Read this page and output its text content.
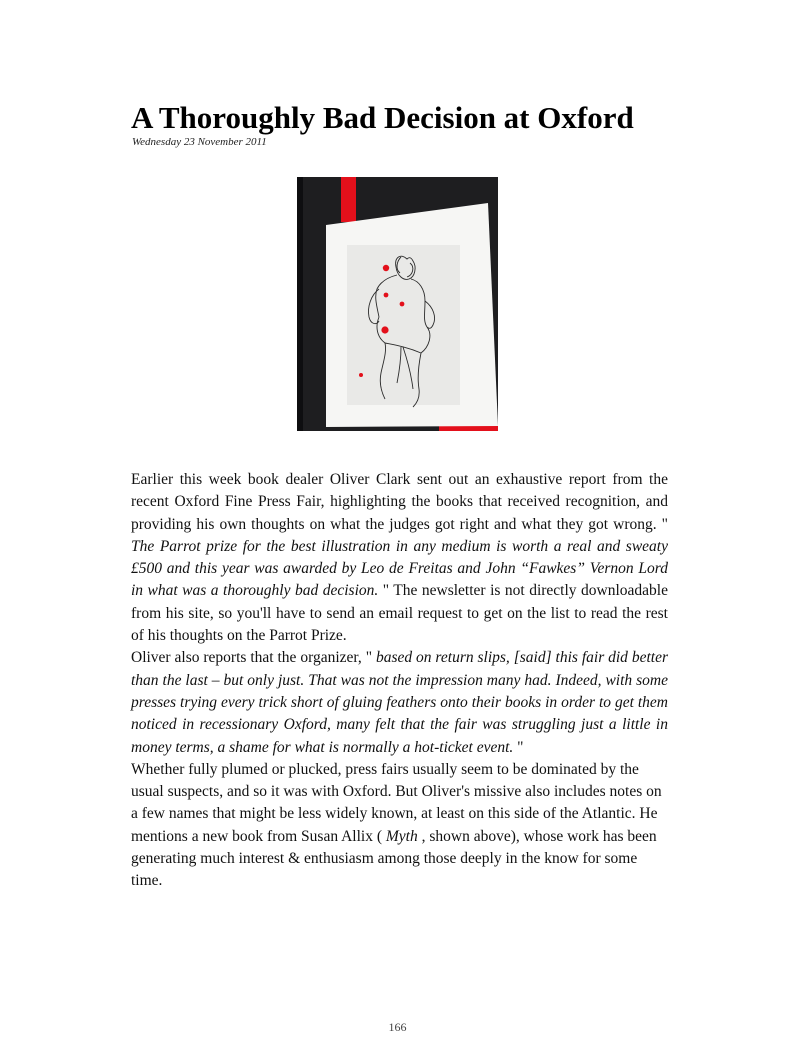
A Thoroughly Bad Decision at Oxford
Wednesday 23 November 2011

Earlier this week book dealer Oliver Clark sent out an exhaustive report from the recent Oxford Fine Press Fair, highlighting the books that received recognition, and providing his own thoughts on what the judges got right and what they got wrong. " The Parrot prize for the best illustration in any medium is worth a real and sweaty £500 and this year was awarded by Leo de Freitas and John “Fawkes” Vernon Lord in what was a thoroughly bad decision. " The newsletter is not directly downloadable from his site, so you'll have to send an email request to get on the list to read the rest of his thoughts on the Parrot Prize.

Oliver also reports that the organizer, " based on return slips, [said] this fair did better than the last – but only just. That was not the impression many had. Indeed, with some presses trying every trick short of gluing feathers onto their books in order to get them noticed in recessionary Oxford, many felt that the fair was struggling just a little in money terms, a shame for what is normally a hot-ticket event. "

Whether fully plumed or plucked, press fairs usually seem to be dominated by the usual suspects, and so it was with Oxford. But Oliver's missive also includes notes on a few names that might be less widely known, at least on this side of the Atlantic. He mentions a new book from Susan Allix ( Myth , shown above), whose work has been generating much interest & enthusiasm among those deeply in the know for some time.

166
